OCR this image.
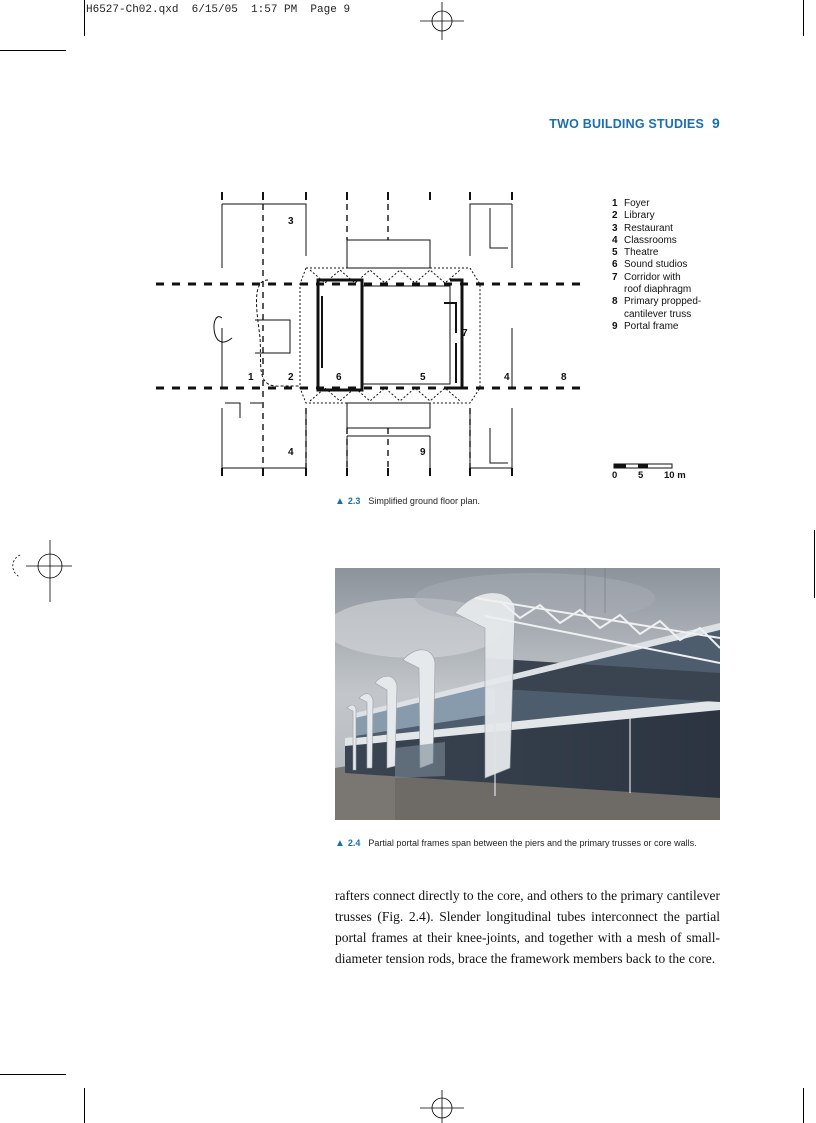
H6527-Ch02.qxd  6/15/05  1:57 PM  Page 9
TWO BUILDING STUDIES 9
3
1	2
4
4
5
6
7
8
9
1 Foyer
2 Library
3 Restaurant
4 Classrooms
5 Theatre
6 Sound studios
7 Corridor with
roof diaphragm
8 Primary propped-
cantilever truss
9 Portal frame
0 5 10 m
▲ 2.3 Simplified ground floor plan.
▲ 2.4 Partial portal frames span between the piers and the primary trusses or core walls.
rafters connect directly to the core, and others to the primary cantilever trusses (Fig. 2.4). Slender longitudinal tubes interconnect the partial portal frames at their knee-joints, and together with a mesh of small-diameter tension rods, brace the framework members back to the core.
